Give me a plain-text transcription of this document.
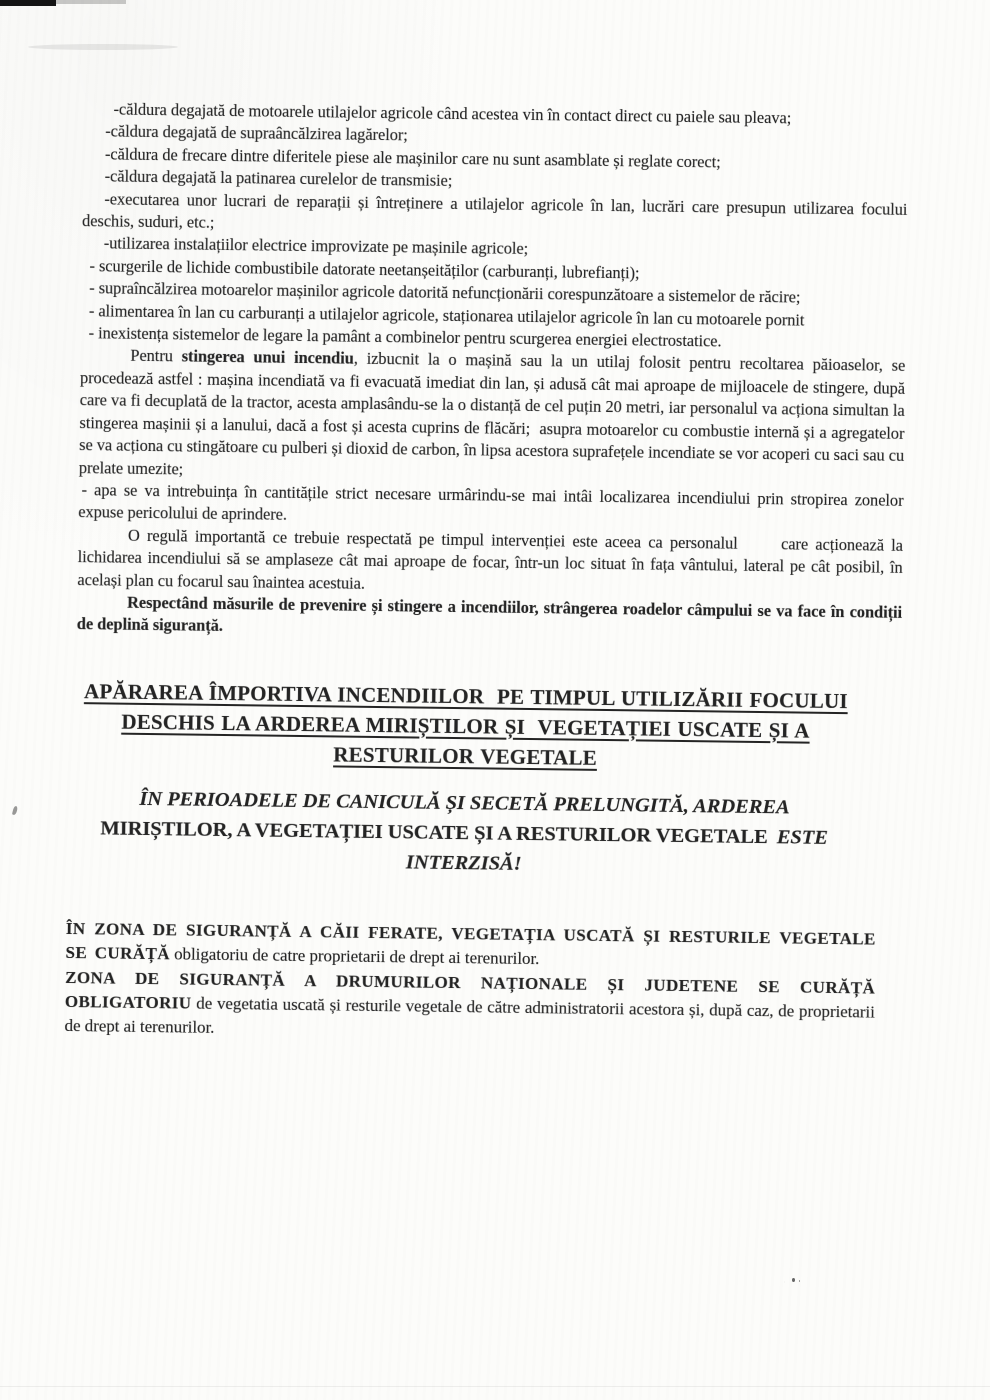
-căldura degajată de motoarele utilajelor agricole când acestea vin în contact direct cu paiele sau pleava;

-căldura degajată de supraâncălzirea lagărelor;

-căldura de frecare dintre diferitele piese ale mașinilor care nu sunt asamblate și reglate corect;

-căldura degajată la patinarea curelelor de transmisie;

-executarea unor lucrari de reparații și întreținere a utilajelor agricole în lan, lucrări care presupun utilizarea focului deschis, suduri, etc.;

-utilizarea instalațiilor electrice improvizate pe mașinile agricole;

- scurgerile de lichide combustibile datorate neetanșeităților (carburanți, lubrefianți);

- supraîncălzirea motoarelor mașinilor agricole datorită nefuncționării corespunzătoare a sistemelor de răcire;

- alimentarea în lan cu carburanți a utilajelor agricole, staționarea utilajelor agricole în lan cu motoarele pornit

- inexistența sistemelor de legare la pamânt a combinelor pentru scurgerea energiei electrostatice.

Pentru stingerea unui incendiu, izbucnit la o mașină sau la un utilaj folosit pentru recoltarea păioaselor, se procedează astfel : mașina incendiată va fi evacuată imediat din lan, și adusă cât mai aproape de mijloacele de stingere, după care va fi decuplată de la tractor, acesta amplasându-se la o distanță de cel puțin 20 metri, iar personalul va acționa simultan la stingerea mașinii și a lanului, dacă a fost și acesta cuprins de flăcări;  asupra motoarelor cu combustie internă și a agregatelor se va acționa cu stingătoare cu pulberi și dioxid de carbon, în lipsa acestora suprafețele incendiate se vor acoperi cu saci sau cu prelate umezite;

- apa se va intrebuința în cantitățile strict necesare urmârindu-se mai intâi localizarea incendiului prin stropirea zonelor expuse pericolului de aprindere.

O regulă importantă ce trebuie respectată pe timpul intervenției este aceea ca personalul      care acționează la lichidarea incendiului să se amplaseze cât mai aproape de focar, într-un loc situat în fața vântului, lateral pe cât posibil, în același plan cu focarul sau înaintea acestuia.

Respectând măsurile de prevenire și stingere a incendiilor, strângerea roadelor câmpului se va face în condiții de deplină siguranță.

APĂRAREA ÎMPORTIVA INCENDIILOR  PE TIMPUL UTILIZĂRII FOCULUI
DESCHIS LA ARDEREA MIRIȘTILOR ȘI  VEGETAȚIEI USCATE ȘI A
RESTURILOR VEGETALE
ÎN PERIOADELE DE CANICULĂ ȘI SECETĂ PRELUNGITĂ, ARDEREA
MIRIȘTILOR, A VEGETAȚIEI USCATE ȘI A RESTURILOR VEGETALE ESTE
INTERZISĂ!

ÎN ZONA DE SIGURANȚĂ A CĂII FERATE, VEGETAȚIA USCATĂ ȘI RESTURILE VEGETALE SE CURĂȚĂ obligatoriu de catre proprietarii de drept ai terenurilor.

ZONA DE SIGURANȚĂ A DRUMURILOR NAȚIONALE ȘI JUDETENE SE CURĂȚĂ OBLIGATORIU de vegetatia uscată și resturile vegetale de către administratorii acestora și, după caz, de proprietarii de drept ai terenurilor.
